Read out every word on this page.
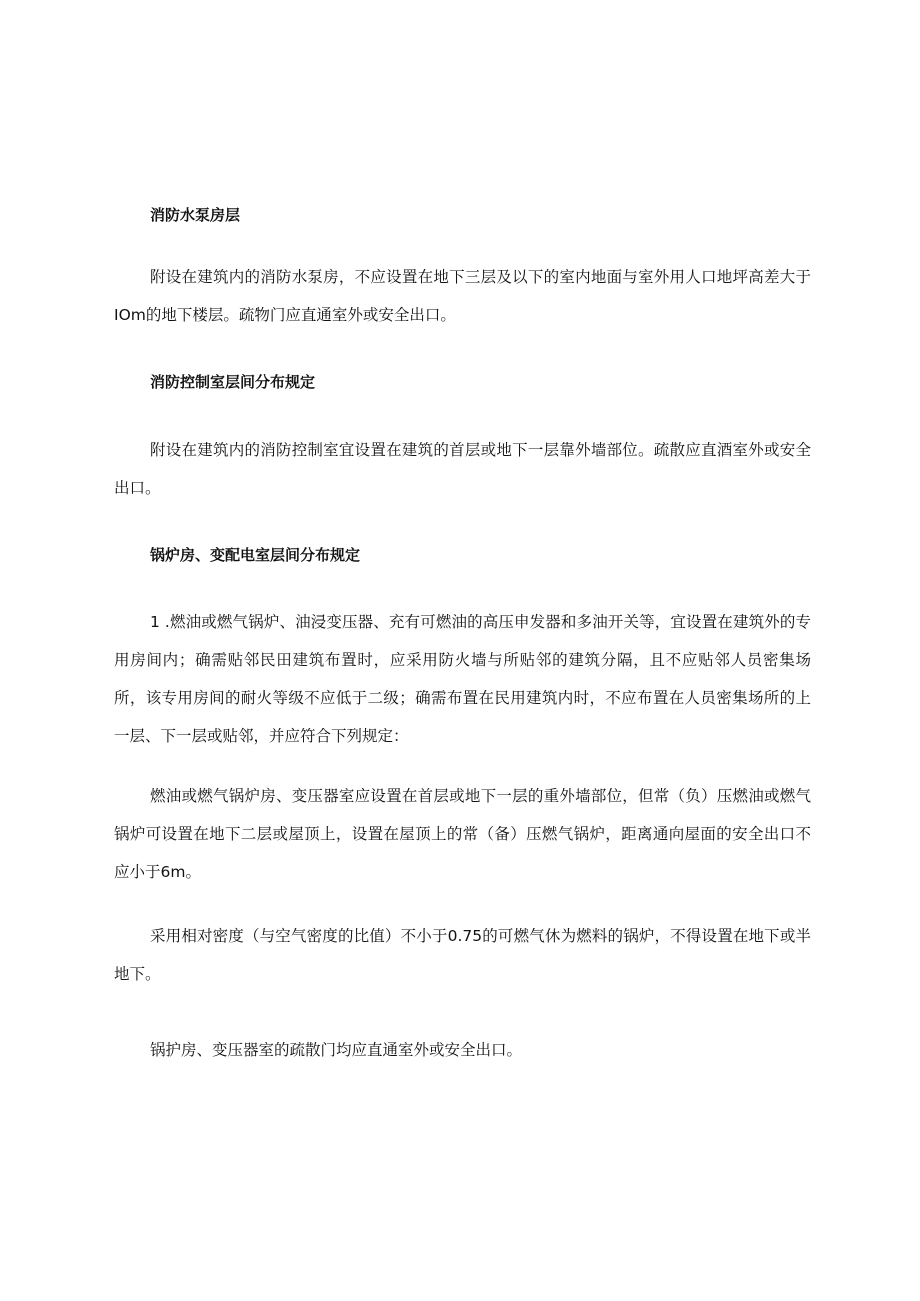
消防水泵房层

附设在建筑内的消防水泵房，不应设置在地下三层及以下的室内地面与室外用人口地坪高差大于IOm的地下楼层。疏物门应直通室外或安全出口。

消防控制室层间分布规定

附设在建筑内的消防控制室宜设置在建筑的首层或地下一层靠外墙部位。疏散应直酒室外或安全出口。

锅炉房、变配电室层间分布规定

1 .燃油或燃气锅炉、油浸变压器、充有可燃油的高压申发器和多油开关等，宜设置在建筑外的专用房间内；确需贴邻民田建筑布置时，应采用防火墙与所贴邻的建筑分隔，且不应贴邻人员密集场所，该专用房间的耐火等级不应低于二级；确需布置在民用建筑内时，不应布置在人员密集场所的上一层、下一层或贴邻，并应符合下列规定：

燃油或燃气锅炉房、变压器室应设置在首层或地下一层的重外墙部位，但常（负）压燃油或燃气锅炉可设置在地下二层或屋顶上，设置在屋顶上的常（备）压燃气锅炉，距离通向屋面的安全出口不应小于6m。

采用相对密度（与空气密度的比值）不小于0.75的可燃气休为燃料的锅炉，不得设置在地下或半地下。

锅护房、变压器室的疏散门均应直通室外或安全出口。
